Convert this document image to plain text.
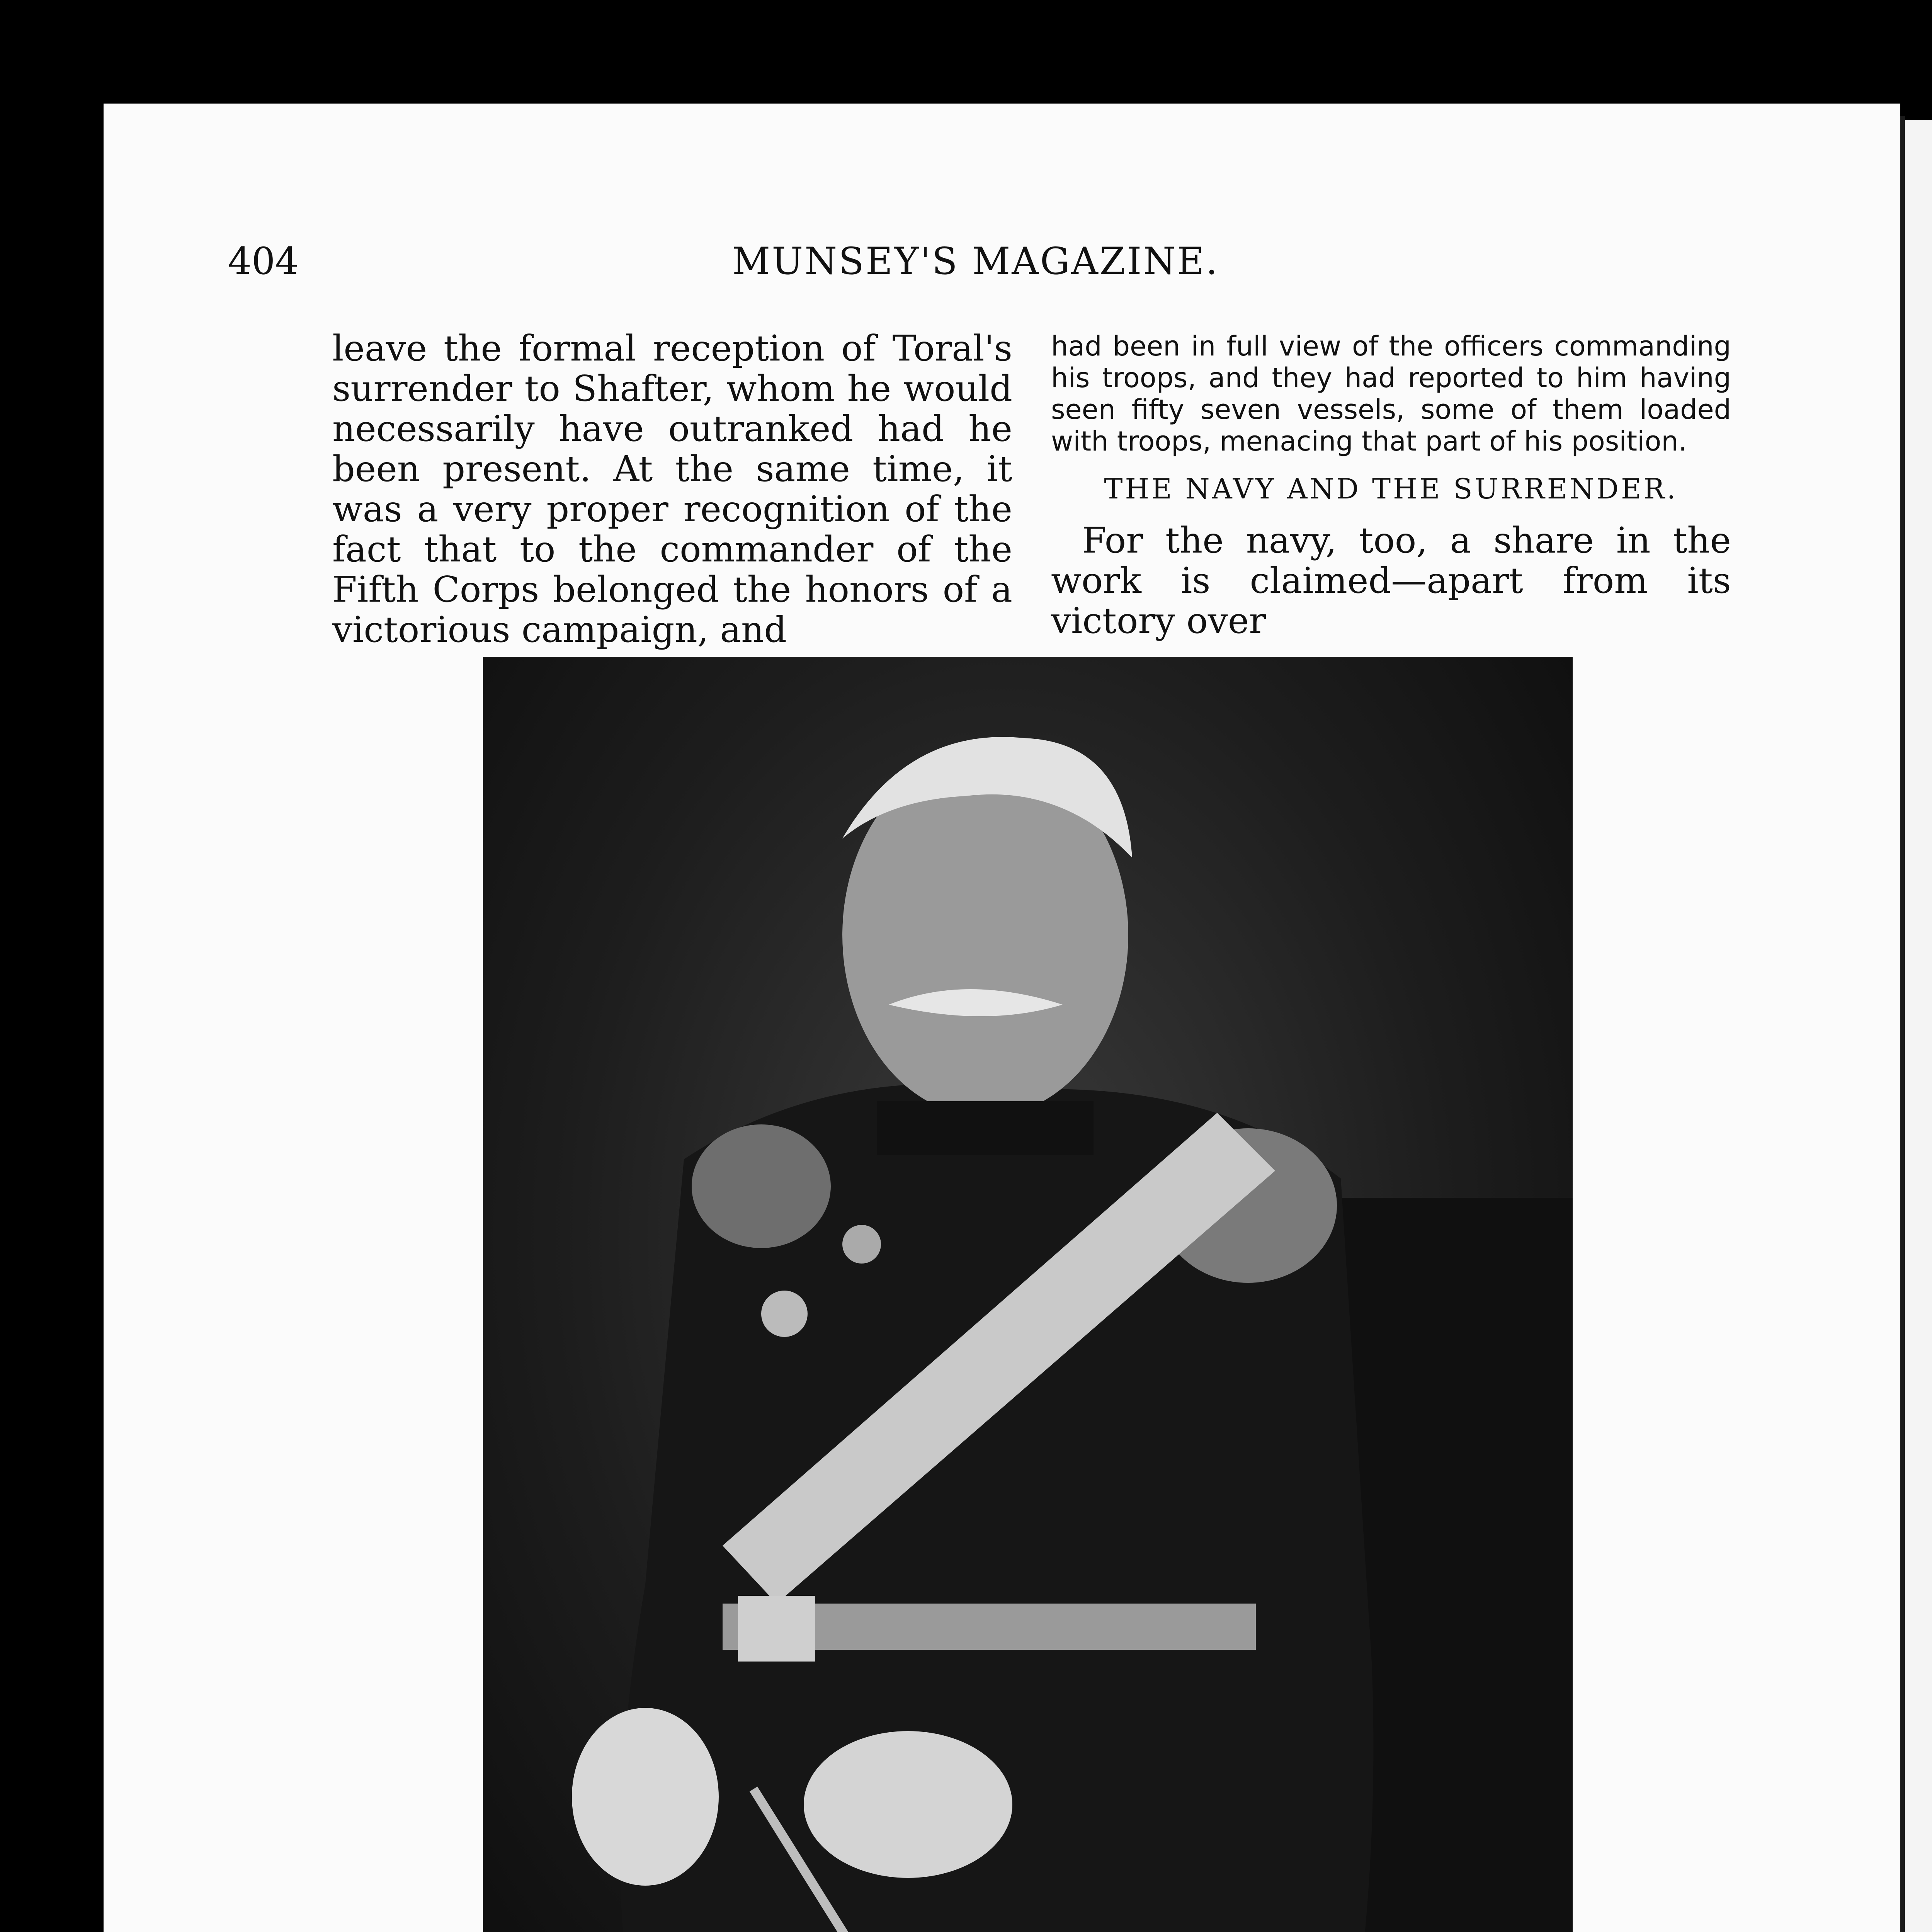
404	MUNSEY'S MAGAZINE.

leave the formal reception of Toral's surrender to Shafter, whom he would necessarily have outranked had he been present. At the same time, it was a very proper recognition of the fact that to the commander of the Fifth Corps belonged the honors of a victorious campaign, and

had been in full view of the officers commanding his troops, and they had reported to him having seen fifty seven vessels, some of them loaded with troops, menacing that part of his position.

THE NAVY AND THE SURRENDER.

For the navy, too, a share in the work is claimed—apart from its victory over
